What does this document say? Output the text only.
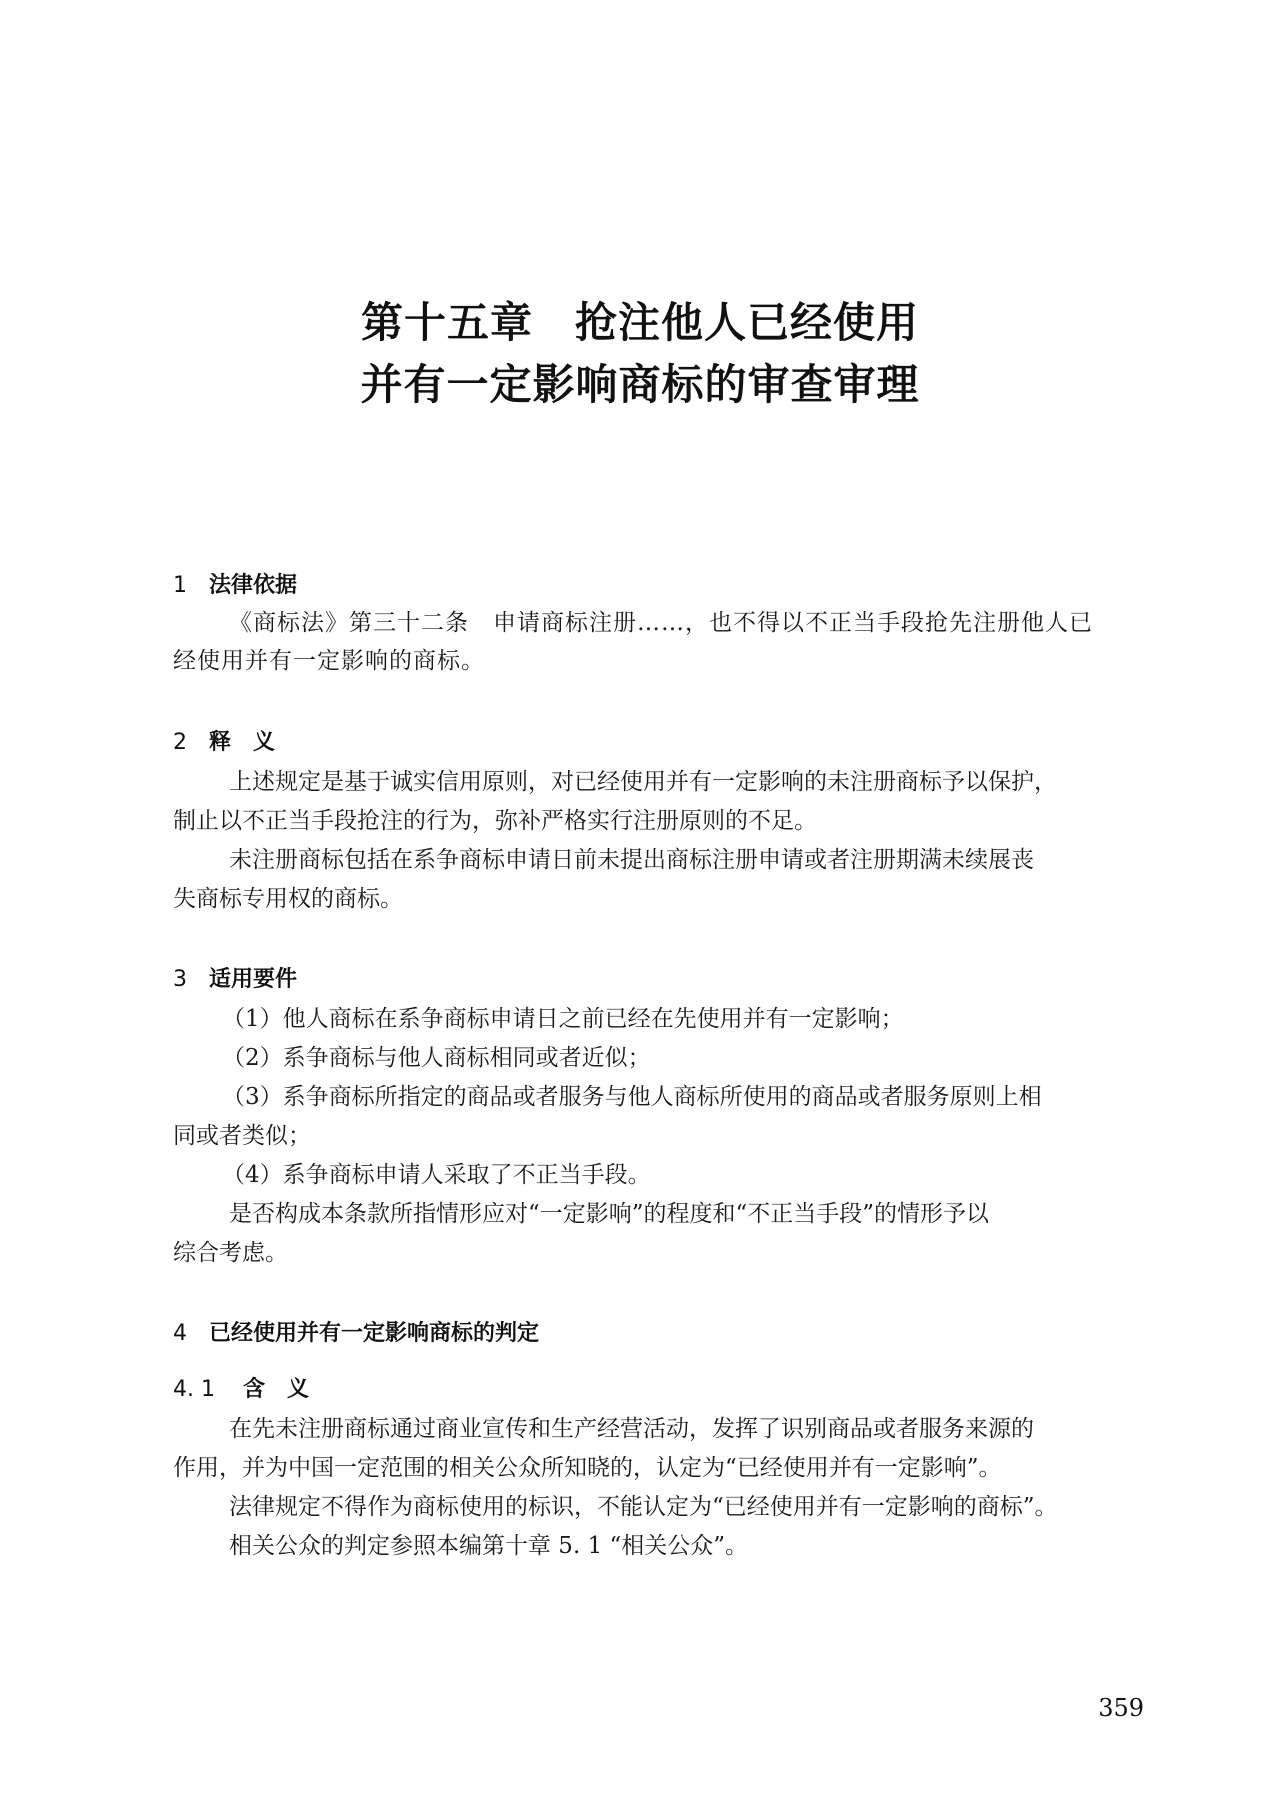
第十五章 抢注他人已经使用
并有一定影响商标的审查审理
1 法律依据
《商标法》第三十二条　申请商标注册……，也不得以不正当手段抢先注册他人已
经使用并有一定影响的商标。
2 释　义
上述规定是基于诚实信用原则，对已经使用并有一定影响的未注册商标予以保护，
制止以不正当手段抢注的行为，弥补严格实行注册原则的不足。
未注册商标包括在系争商标申请日前未提出商标注册申请或者注册期满未续展丧
失商标专用权的商标。
3 适用要件
（1）他人商标在系争商标申请日之前已经在先使用并有一定影响；
（2）系争商标与他人商标相同或者近似；
（3）系争商标所指定的商品或者服务与他人商标所使用的商品或者服务原则上相
同或者类似；
（4）系争商标申请人采取了不正当手段。
是否构成本条款所指情形应对“一定影响”的程度和“不正当手段”的情形予以
综合考虑。
4 已经使用并有一定影响商标的判定
4. 1 含　义
在先未注册商标通过商业宣传和生产经营活动，发挥了识别商品或者服务来源的
作用，并为中国一定范围的相关公众所知晓的，认定为“已经使用并有一定影响”。
法律规定不得作为商标使用的标识，不能认定为“已经使用并有一定影响的商标”。
相关公众的判定参照本编第十章 5. 1 “相关公众”。
359
